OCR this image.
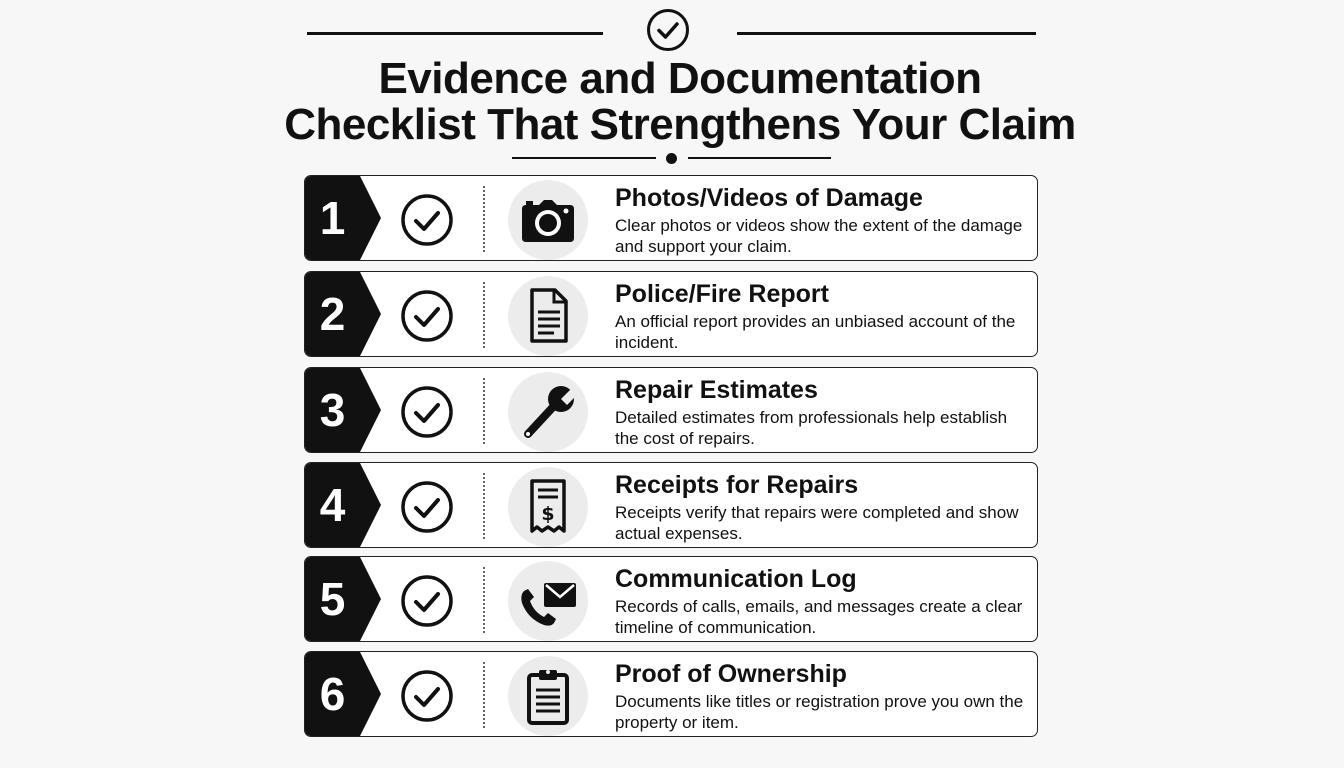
Evidence and Documentation
Checklist That Strengthens Your Claim
1	Photos/Videos of Damage
Clear photos or videos show the extent of the damage and support your claim.
2	Police/Fire Report
An official report provides an unbiased account of the incident.
3	Repair Estimates
Detailed estimates from professionals help establish the cost of repairs.
4	$
Receipts for Repairs
Receipts verify that repairs were completed and show actual expenses.
5	Communication Log
Records of calls, emails, and messages create a clear timeline of communication.
6	Proof of Ownership
Documents like titles or registration prove you own the property or item.
